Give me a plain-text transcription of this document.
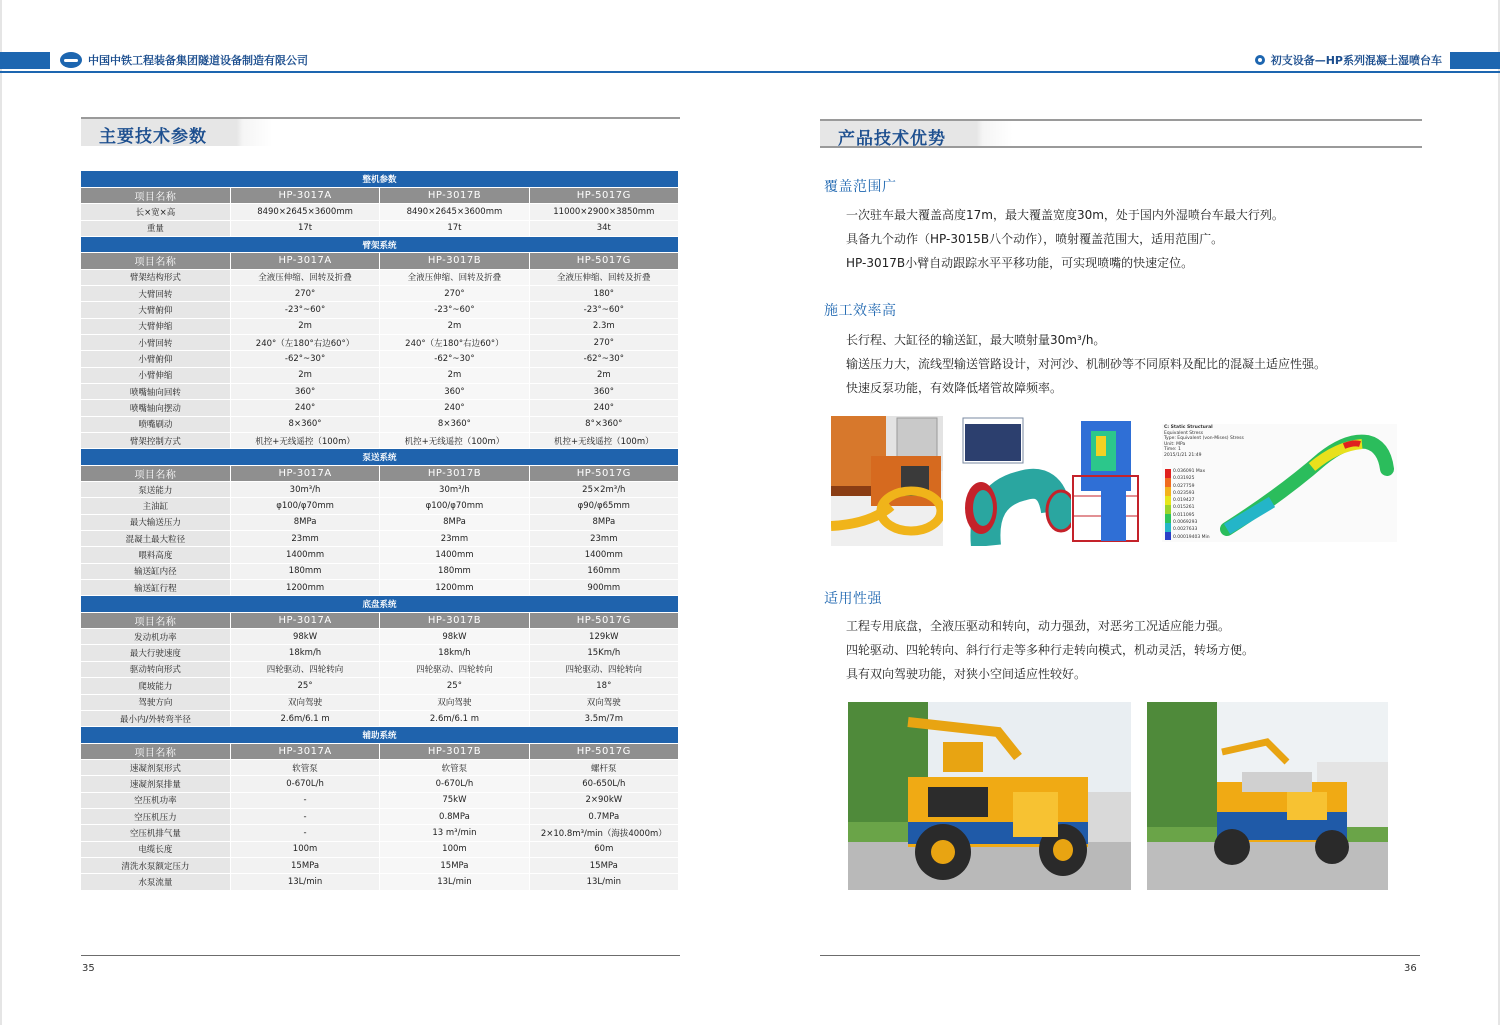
中国中铁工程装备集团隧道设备制造有限公司	初支设备—HP系列混凝土湿喷台车
主要技术参数
整机参数			
项目名称	HP-3017A	HP-3017B	HP-5017G
长×宽×高	8490×2645×3600mm	8490×2645×3600mm	11000×2900×3850mm
重量	17t	17t	34t
臂架系统			
项目名称	HP-3017A	HP-3017B	HP-5017G
臂架结构形式	全液压伸缩、回转及折叠	全液压伸缩、回转及折叠	全液压伸缩、回转及折叠
大臂回转	270°	270°	180°
大臂俯仰	-23°~60°	-23°~60°	-23°~60°
大臂伸缩	2m	2m	2.3m
小臂回转	240°（左180°右边60°）	240°（左180°右边60°）	270°
小臂俯仰	-62°~30°	-62°~30°	-62°~30°
小臂伸缩	2m	2m	2m
喷嘴轴向回转	360°	360°	360°
喷嘴轴向摆动	240°	240°	240°
喷嘴刷动	8×360°	8×360°	8°×360°
臂架控制方式	机控+无线遥控（100m）	机控+无线遥控（100m）	机控+无线遥控（100m）
泵送系统			
项目名称	HP-3017A	HP-3017B	HP-5017G
泵送能力	30m³/h	30m³/h	25×2m³/h
主油缸	φ100/φ70mm	φ100/φ70mm	φ90/φ65mm
最大输送压力	8MPa	8MPa	8MPa
混凝土最大粒径	23mm	23mm	23mm
喂料高度	1400mm	1400mm	1400mm
输送缸内径	180mm	180mm	160mm
输送缸行程	1200mm	1200mm	900mm
底盘系统			
项目名称	HP-3017A	HP-3017B	HP-5017G
发动机功率	98kW	98kW	129kW
最大行驶速度	18km/h	18km/h	15Km/h
驱动转向形式	四轮驱动、四轮转向	四轮驱动、四轮转向	四轮驱动、四轮转向
爬坡能力	25°	25°	18°
驾驶方向	双向驾驶	双向驾驶	双向驾驶
最小内/外转弯半径	2.6m/6.1 m	2.6m/6.1 m	3.5m/7m
辅助系统			
项目名称	HP-3017A	HP-3017B	HP-5017G
速凝剂泵形式	软管泵	软管泵	螺杆泵
速凝剂泵排量	0-670L/h	0-670L/h	60-650L/h
空压机功率	-	75kW	2×90kW
空压机压力	-	0.8MPa	0.7MPa
空压机排气量	-	13 m³/min	2×10.8m³/min（海拔4000m）
电缆长度	100m	100m	60m
清洗水泵额定压力	15MPa	15MPa	15MPa
水泵流量	13L/min	13L/min	13L/min
35
产品技术优势
覆盖范围广
一次驻车最大覆盖高度17m，最大覆盖宽度30m，处于国内外湿喷台车最大行列。
具备九个动作（HP-3015B八个动作），喷射覆盖范围大，适用范围广。
HP-3017B小臂自动跟踪水平平移功能，可实现喷嘴的快速定位。
施工效率高
长行程、大缸径的输送缸，最大喷射量30m³/h。
输送压力大，流线型输送管路设计，对河沙、机制砂等不同原料及配比的混凝土适应性强。
快速反泵功能，有效降低堵管故障频率。
C: Static Structural
Equivalent Stress
Type: Equivalent (von-Mises) Stress
Unit: MPa
Time: 1
2015/1/21 21:49
0.036091 Max
0.031925
0.027759
0.023593
0.019427
0.015261
0.011095
0.0069293
0.0027633
0.00019403 Min
适用性强
工程专用底盘，全液压驱动和转向，动力强劲，对恶劣工况适应能力强。
四轮驱动、四轮转向、斜行行走等多种行走转向模式，机动灵活，转场方便。
具有双向驾驶功能，对狭小空间适应性较好。
36
